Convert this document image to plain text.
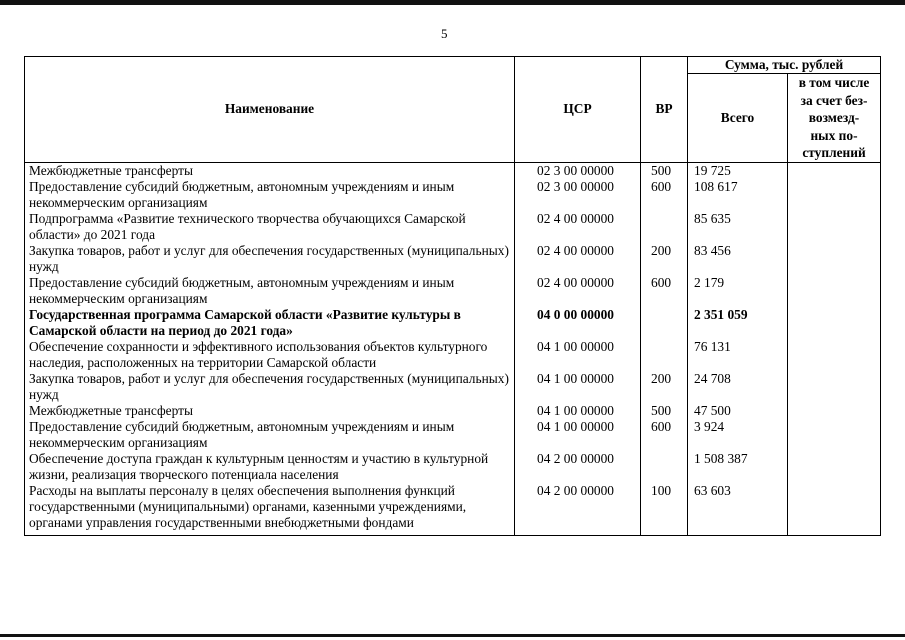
5
Наименование	ЦСР	ВР	Сумма, тыс. рублей	
			Всего	в том числе
за счет без-
возмезд-
ных по-
ступлений

Межбюджетные трансферты	02 3 00 00000	500	19 725	
Предоставление субсидий бюджетным, автономным учреждениям и иным некоммерческим организациям	02 3 00 00000	600	108 617	
Подпрограмма «Развитие технического творчества обучающихся Самарской области» до 2021 года	02 4 00 00000		85 635	
Закупка товаров, работ и услуг для обеспечения государственных (муниципальных) нужд	02 4 00 00000	200	83 456	
Предоставление субсидий бюджетным, автономным учреждениям и иным некоммерческим организациям	02 4 00 00000	600	2 179	
Государственная программа Самарской области «Развитие культуры в Самарской области на период до 2021 года»	04 0 00 00000		2 351 059	
Обеспечение сохранности и эффективного использования объектов культурного наследия, расположенных на территории Самарской области	04 1 00 00000		76 131	
Закупка товаров, работ и услуг для обеспечения государственных (муниципальных) нужд	04 1 00 00000	200	24 708	
Межбюджетные трансферты	04 1 00 00000	500	47 500	
Предоставление субсидий бюджетным, автономным учреждениям и иным некоммерческим организациям	04 1 00 00000	600	3 924	
Обеспечение доступа граждан к культурным ценностям и участию в культурной жизни, реализация творческого потенциала населения	04 2 00 00000		1 508 387	
Расходы на выплаты персоналу в целях обеспечения выполнения функций государственными (муниципальными) органами, казенными учреждениями, органами управления государственными внебюджетными фондами	04 2 00 00000	100	63 603	
